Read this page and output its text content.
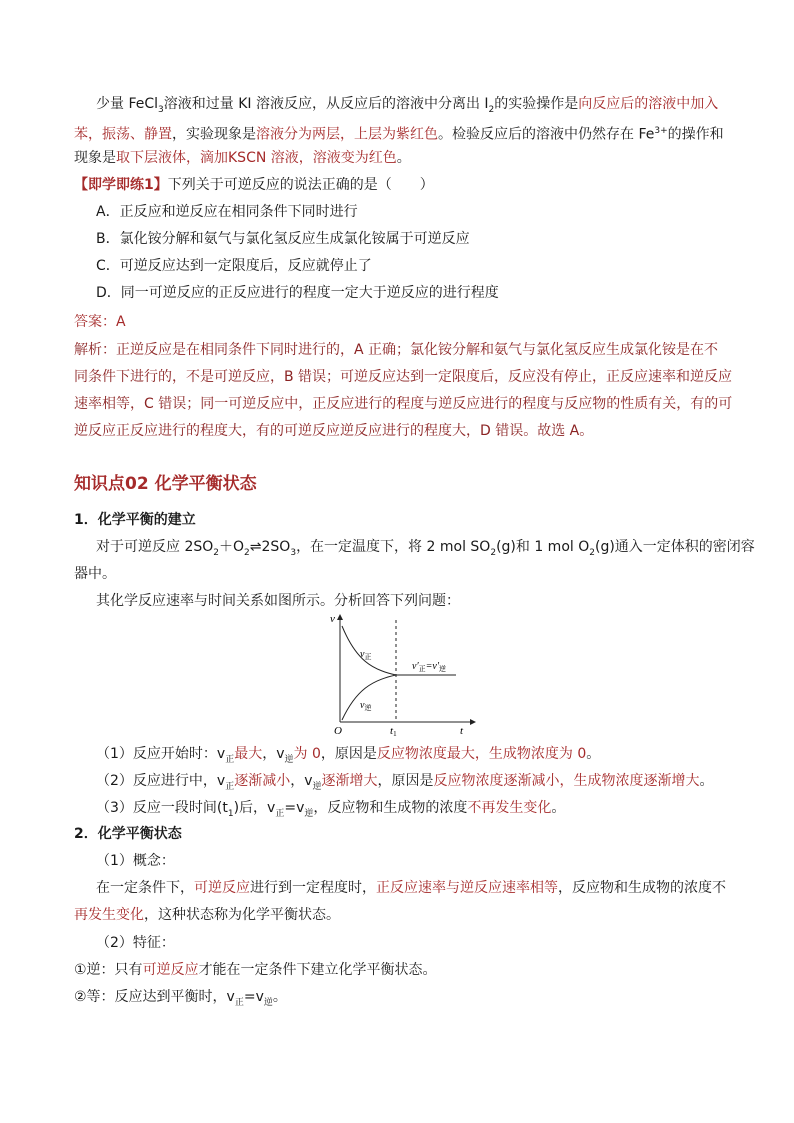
少量 FeCl$_3$溶液和过量 KI 溶液反应，从反应后的溶液中分离出 $I_2$的实验操作是向反应后的溶液中加入
苯，振荡、静置，实验现象是溶液分为两层，上层为紫红色。检验反应后的溶液中仍然存在 $Fe^{3+}$的操作和
现象是取下层液体，滴加KSCN 溶液，溶液变为红色。
【即学即练1】下列关于可逆反应的说法正确的是（　　）
A．正反应和逆反应在相同条件下同时进行
B．氯化铵分解和氨气与氯化氢反应生成氯化铵属于可逆反应
C．可逆反应达到一定限度后，反应就停止了
D．同一可逆反应的正反应进行的程度一定大于逆反应的进行程度
答案：A
解析：正逆反应是在相同条件下同时进行的，A 正确；氯化铵分解和氨气与氯化氢反应生成氯化铵是在不
同条件下进行的，不是可逆反应，B 错误；可逆反应达到一定限度后，反应没有停止，正反应速率和逆反应
速率相等，C 错误；同一可逆反应中，正反应进行的程度与逆反应进行的程度与反应物的性质有关，有的可
逆反应正反应进行的程度大，有的可逆反应逆反应进行的程度大，D 错误。故选 A。
知识点02 化学平衡状态
1．化学平衡的建立
对于可逆反应 $2SO_2+O_2\rightleftharpoons 2SO_3$，在一定温度下，将 2 mol $SO_2(g)$和 1 mol $O_2(g)$通入一定体积的密闭容
器中。
其化学反应速率与时间关系如图所示。分析回答下列问题：
v
t
O	t1
$v_正$
$v_逆$
$v'_正=v'_逆$
（1）反应开始时：$v_正$最大，$v_逆$为 0，原因是反应物浓度最大，生成物浓度为 0。
（2）反应进行中，$v_正$逐渐减小，$v_逆$逐渐增大，原因是反应物浓度逐渐减小，生成物浓度逐渐增大。
（3）反应一段时间$(t_1)$后，$v_正=v_逆$，反应物和生成物的浓度不再发生变化。
2．化学平衡状态
（1）概念：
在一定条件下，可逆反应进行到一定程度时，正反应速率与逆反应速率相等，反应物和生成物的浓度不
再发生变化，这种状态称为化学平衡状态。
（2）特征：
①逆：只有可逆反应才能在一定条件下建立化学平衡状态。
②等：反应达到平衡时，$v_正=v_逆$。
